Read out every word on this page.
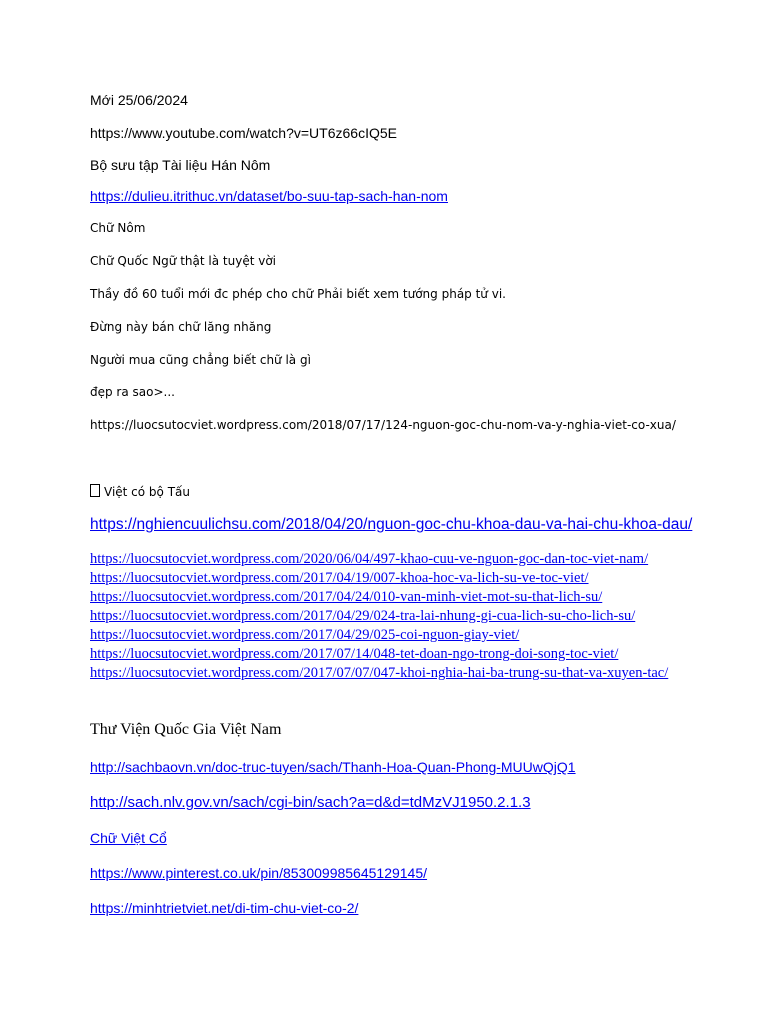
Mới 25/06/2024
https://www.youtube.com/watch?v=UT6z66cIQ5E
Bộ sưu tập Tài liệu Hán Nôm
https://dulieu.itrithuc.vn/dataset/bo-suu-tap-sach-han-nom
Chữ Nôm
Chữ Quốc Ngữ thật là tuyệt vời
Thầy đồ 60 tuổi mới đc phép cho chữ Phải biết xem tướng pháp tử vi.
Đừng này bán chữ lăng nhăng
Người mua cũng chẳng biết chữ là gì
đẹp ra sao>...
https://luocsutocviet.wordpress.com/2018/07/17/124-nguon-goc-chu-nom-va-y-nghia-viet-co-xua/
Việt có bộ Tấu
https://nghiencuulichsu.com/2018/04/20/nguon-goc-chu-khoa-dau-va-hai-chu-khoa-dau/
https://luocsutocviet.wordpress.com/2020/06/04/497-khao-cuu-ve-nguon-goc-dan-toc-viet-nam/
https://luocsutocviet.wordpress.com/2017/04/19/007-khoa-hoc-va-lich-su-ve-toc-viet/
https://luocsutocviet.wordpress.com/2017/04/24/010-van-minh-viet-mot-su-that-lich-su/
https://luocsutocviet.wordpress.com/2017/04/29/024-tra-lai-nhung-gi-cua-lich-su-cho-lich-su/
https://luocsutocviet.wordpress.com/2017/04/29/025-coi-nguon-giay-viet/
https://luocsutocviet.wordpress.com/2017/07/14/048-tet-doan-ngo-trong-doi-song-toc-viet/
https://luocsutocviet.wordpress.com/2017/07/07/047-khoi-nghia-hai-ba-trung-su-that-va-xuyen-tac/
Thư Viện Quốc Gia Việt Nam
http://sachbaovn.vn/doc-truc-tuyen/sach/Thanh-Hoa-Quan-Phong-MUUwQjQ1
http://sach.nlv.gov.vn/sach/cgi-bin/sach?a=d&d=tdMzVJ1950.2.1.3
Chữ Việt Cổ
https://www.pinterest.co.uk/pin/853009985645129145/
https://minhtrietviet.net/di-tim-chu-viet-co-2/
